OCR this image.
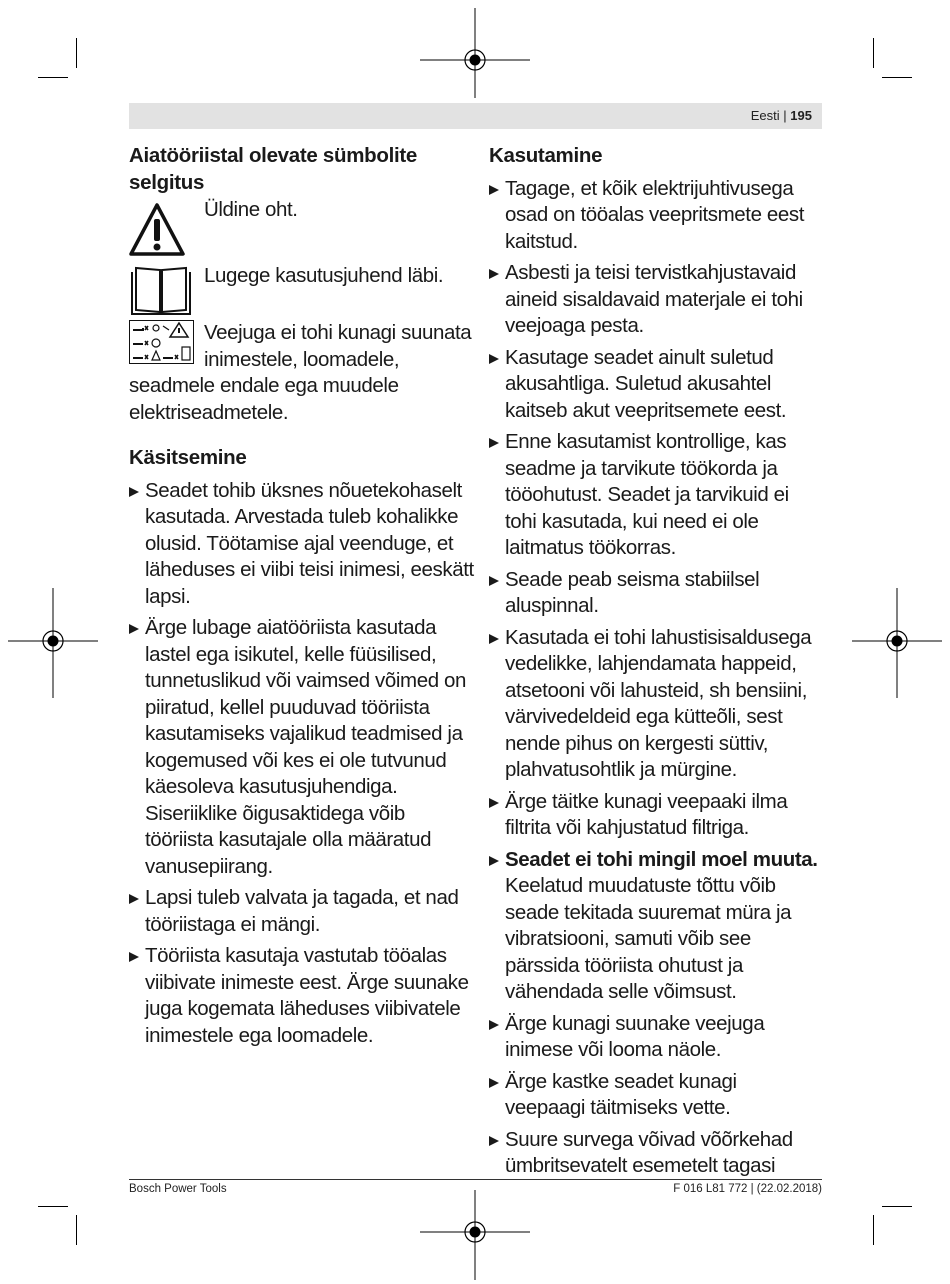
Eesti | 195
Aiatööriistal olevate sümbolite selgitus
Üldine oht.
Lugege kasutusjuhend läbi.
Veejuga ei tohi kunagi suunata inimestele, loomadele,
seadmele endale ega muudele elektriseadmetele.
Käsitsemine
Seadet tohib üksnes nõuetekohaselt kasutada. Arvestada tuleb kohalikke olusid. Töötamise ajal veenduge, et läheduses ei viibi teisi inimesi, eeskätt lapsi.
Ärge lubage aiatööriista kasutada lastel ega isikutel, kelle füüsilised, tunnetuslikud või vaimsed võimed on piiratud, kellel puuduvad tööriista kasutamiseks vajalikud teadmised ja kogemused või kes ei ole tutvunud käesoleva kasutusjuhendiga. Siseriiklike õigusaktidega võib tööriista kasutajale olla määratud vanusepiirang.
Lapsi tuleb valvata ja tagada, et nad tööriistaga ei mängi.
Tööriista kasutaja vastutab tööalas viibivate inimeste eest. Ärge suunake juga kogemata läheduses viibivatele inimestele ega loomadele.
Kasutamine
Tagage, et kõik elektrijuhtivusega osad on tööalas veepritsmete eest kaitstud.
Asbesti ja teisi tervistkahjustavaid aineid sisaldavaid materjale ei tohi veejoaga pesta.
Kasutage seadet ainult suletud akusahtliga. Suletud akusahtel kaitseb akut veepritsemete eest.
Enne kasutamist kontrollige, kas seadme ja tarvikute töökorda ja tööohutust. Seadet ja tarvikuid ei tohi kasutada, kui need ei ole laitmatus töökorras.
Seade peab seisma stabiilsel aluspinnal.
Kasutada ei tohi lahustisisaldusega vedelikke, lahjendamata happeid, atsetooni või lahusteid, sh bensiini, värvivedeldeid ega kütteõli, sest nende pihus on kergesti süttiv, plahvatusohtlik ja mürgine.
Ärge täitke kunagi veepaaki ilma filtrita või kahjustatud filtriga.
Seadet ei tohi mingil moel muuta. Keelatud muudatuste tõttu võib seade tekitada suuremat müra ja vibratsiooni, samuti võib see pärssida tööriista ohutust ja vähendada selle võimsust.
Ärge kunagi suunake veejuga inimese või looma näole.
Ärge kastke seadet kunagi veepaagi täitmiseks vette.
Suure survega võivad võõrkehad ümbritsevatelt esemetelt tagasi
Bosch Power Tools	F 016 L81 772 | (22.02.2018)
